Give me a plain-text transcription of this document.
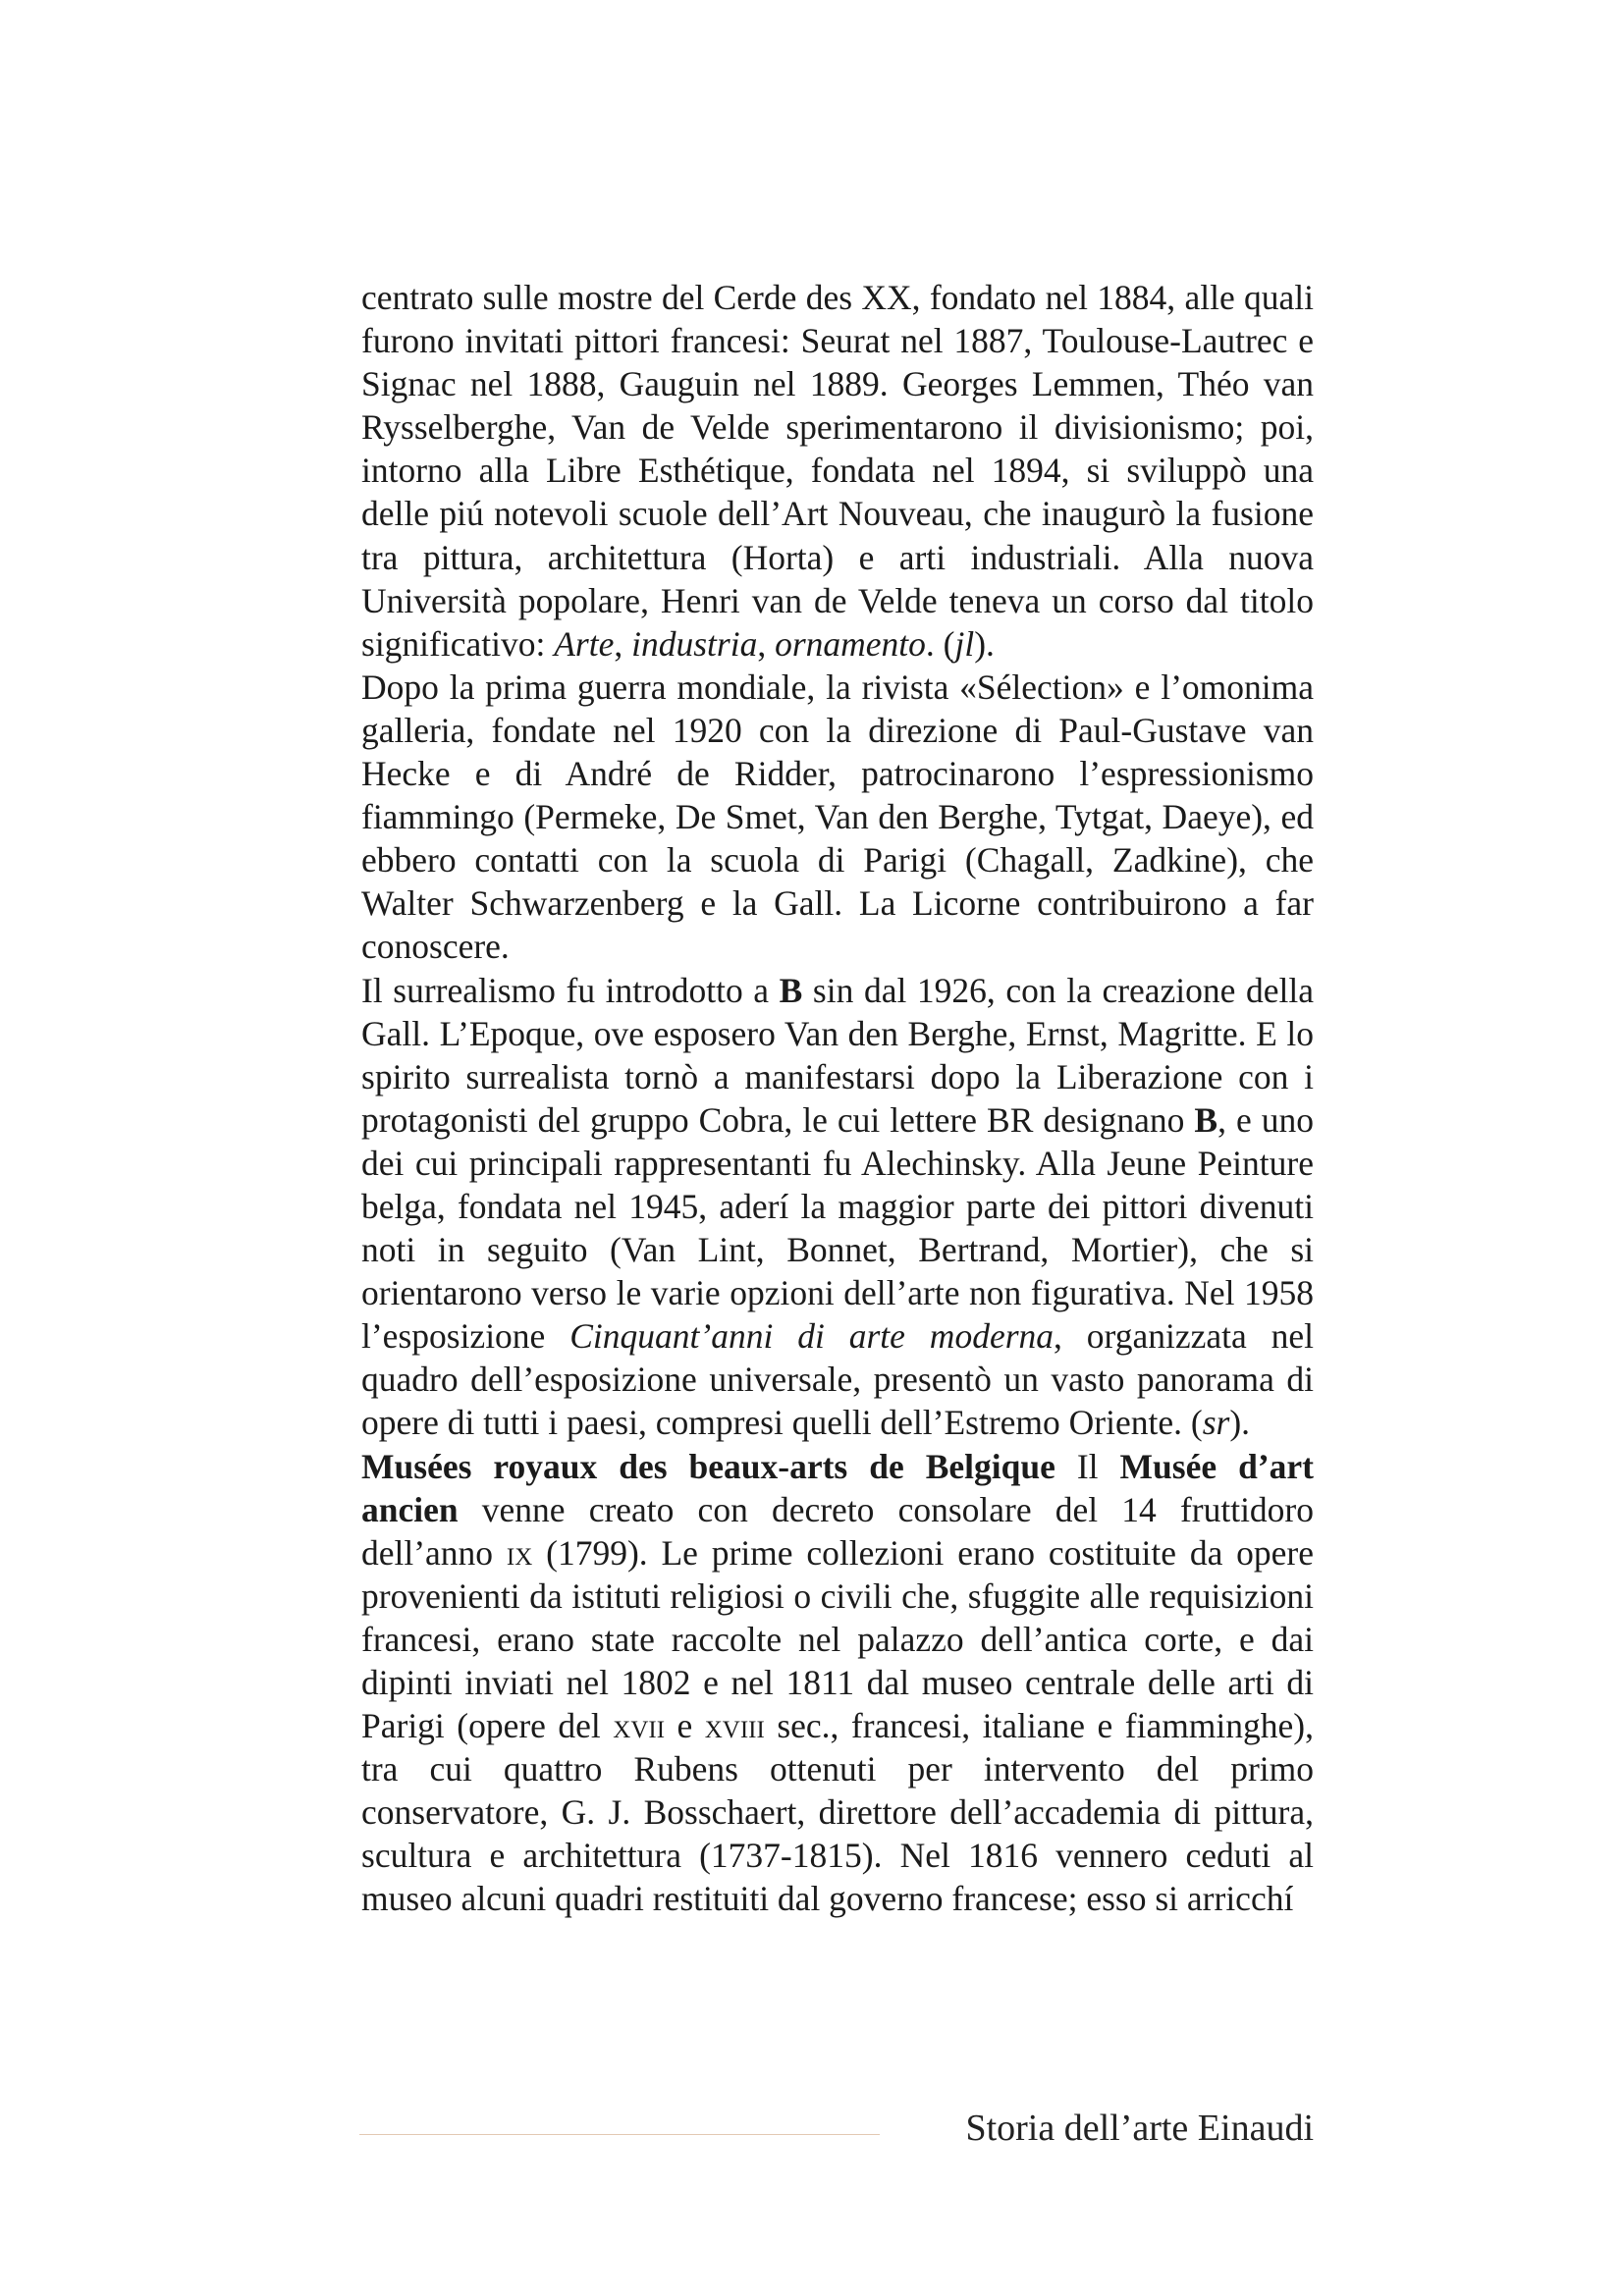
centrato sulle mostre del Cerde des XX, fondato nel 1884, alle quali furono invitati pittori francesi: Seurat nel 1887, Toulouse-Lautrec e Signac nel 1888, Gauguin nel 1889. Georges Lemmen, Théo van Rysselberghe, Van de Velde sperimentarono il divisionismo; poi, intorno alla Libre Esthétique, fondata nel 1894, si sviluppò una delle piú notevoli scuole dell’Art Nouveau, che inaugurò la fusione tra pittura, architettura (Horta) e arti industriali. Alla nuova Università popolare, Henri van de Velde teneva un corso dal titolo significativo: Arte, industria, ornamento. (jl).

Dopo la prima guerra mondiale, la rivista «Sélection» e l’omonima galleria, fondate nel 1920 con la direzione di Paul-Gustave van Hecke e di André de Ridder, patrocinarono l’espressionismo fiammingo (Permeke, De Smet, Van den Berghe, Tytgat, Daeye), ed ebbero contatti con la scuola di Parigi (Chagall, Zadkine), che Walter Schwarzenberg e la Gall. La Licorne contribuirono a far conoscere.

Il surrealismo fu introdotto a B sin dal 1926, con la creazione della Gall. L’Epoque, ove esposero Van den Berghe, Ernst, Magritte. E lo spirito surrealista tornò a manifestarsi dopo la Liberazione con i protagonisti del gruppo Cobra, le cui lettere BR designano B, e uno dei cui principali rappresentanti fu Alechinsky. Alla Jeune Peinture belga, fondata nel 1945, aderí la maggior parte dei pittori divenuti noti in seguito (Van Lint, Bonnet, Bertrand, Mortier), che si orientarono verso le varie opzioni dell’arte non figurativa. Nel 1958 l’esposizione Cinquant’anni di arte moderna, organizzata nel quadro dell’esposizione universale, presentò un vasto panorama di opere di tutti i paesi, compresi quelli dell’Estremo Oriente. (sr).

Musées royaux des beaux-arts de Belgique Il Musée d’art ancien venne creato con decreto consolare del 14 fruttidoro dell’anno ix (1799). Le prime collezioni erano costituite da opere provenienti da istituti religiosi o civili che, sfuggite alle requisizioni francesi, erano state raccolte nel palazzo dell’antica corte, e dai dipinti inviati nel 1802 e nel 1811 dal museo centrale delle arti di Parigi (opere del xvii e xviii sec., francesi, italiane e fiamminghe), tra cui quattro Rubens ottenuti per intervento del primo conservatore, G. J. Bosschaert, direttore dell’accademia di pittura, scultura e architettura (1737-1815). Nel 1816 vennero ceduti al museo alcuni quadri restituiti dal governo francese; esso si arricchí

Storia dell’arte Einaudi
